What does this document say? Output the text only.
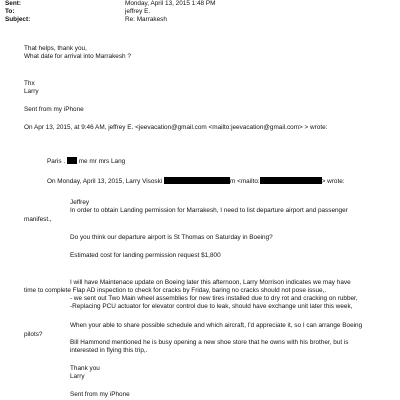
Sent:	Monday, April 13, 2015 1:48 PM
To:	jeffrey E.
Subject:	Re: Marrakesh
That helps, thank you,
What date for arrival into Marrakesh ?
Thx
Larry
Sent from my iPhone
On Apr 13, 2015, at 9:46 AM, jeffrey E. <jeevacation@gmail.com <mailto:jeevacation@gmail.com> > wrote:
Paris . me mr mrs Lang
On Monday, April 13, 2015, Larry Visoski	m <mailto:	> wrote:
Jeffrey
In order to obtain Landing permission for Marrakesh, I need to list departure airport and passenger
manifest.,
Do you think our departure airport is St Thomas on Saturday in Boeing?
Estimated cost for landing permission request $1,800
I will have Maintenace update on Boeing later this afternoon, Larry Morrison indicates we may have
time to complete Flap AD inspection to check for cracks by Friday, baring no cracks should not pose issue,.
- we sent out Two Main wheel assemblies for new tires installed due to dry rot and cracking on rubber,
-Replacing PCU actuator for elevator control due to leak, should have exchange unit later this week,
When your able to share possible schedule and which aircraft, I'd appreciate it, so I can arrange Boeing
pilots?
Bill Hammond mentioned he is busy opening a new shoe store that he owns with his brother, but is
interested in flying this trip,.
Thank you
Larry
Sent from my iPhone
